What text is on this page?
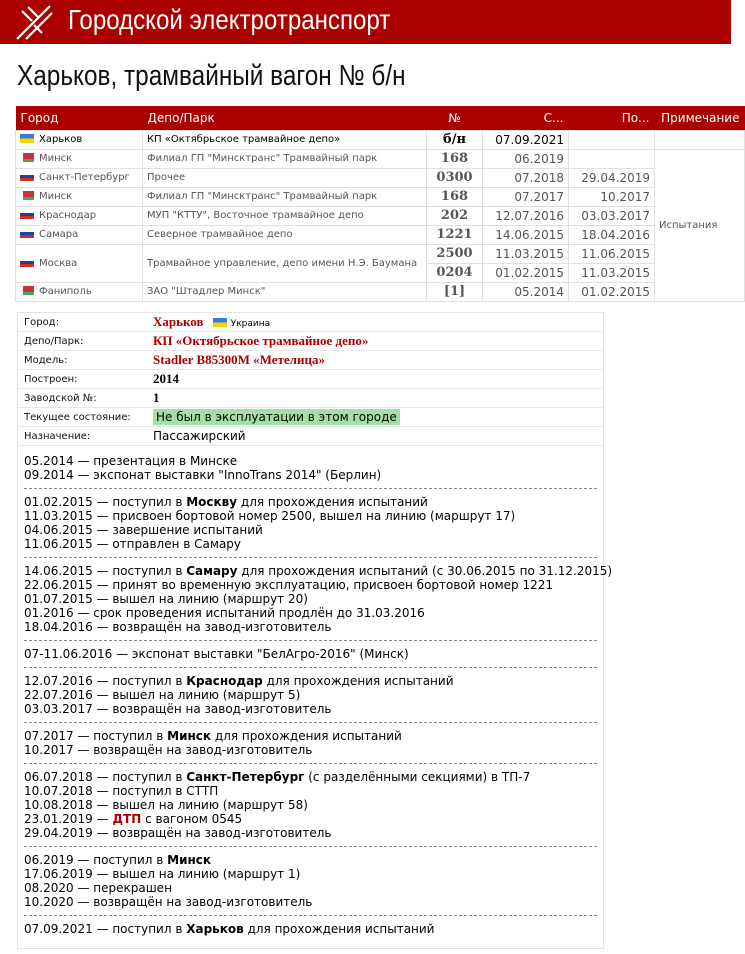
Городской электротранспорт
Харьков, трамвайный вагон № б/н
Город	Депо/Парк	№	С...	По...	Примечание
Харьков	КП «Октябрьское трамвайное депо»	б/н	07.09.2021		
Минск	Филиал ГП "Минсктранс" Трамвайный парк	168	06.2019		Испытания
Санкт-Петербург	Прочее	0300	07.2018	29.04.2019	
Минск	Филиал ГП "Минсктранс" Трамвайный парк	168	07.2017	10.2017	
Краснодар	МУП "КТТУ", Восточное трамвайное депо	202	12.07.2016	03.03.2017	
Самара	Северное трамвайное депо	1221	14.06.2015	18.04.2016	
Москва	Трамвайное управление, депо имени Н.Э. Баумана	2500	11.03.2015	11.06.2015	
		0204	01.02.2015	11.03.2015	
Фаниполь	ЗАО "Штадлер Минск"	[1]	05.2014	01.02.2015	
Город:	Харьков	Украина
Депо/Парк:	КП «Октябрьское трамвайное депо»
Модель:	Stadler B85300M «Метелица»
Построен:	2014
Заводской №:	1
Текущее состояние:	Не был в эксплуатации в этом городе
Назначение:	Пассажирский
05.2014 — презентация в Минске
09.2014 — экспонат выставки "InnoTrans 2014" (Берлин)
01.02.2015 — поступил в Москву для прохождения испытаний
11.03.2015 — присвоен бортовой номер 2500, вышел на линию (маршрут 17)
04.06.2015 — завершение испытаний
11.06.2015 — отправлен в Самару
14.06.2015 — поступил в Самару для прохождения испытаний (с 30.06.2015 по 31.12.2015)
22.06.2015 — принят во временную эксплуатацию, присвоен бортовой номер 1221
01.07.2015 — вышел на линию (маршрут 20)
01.2016 — срок проведения испытаний продлён до 31.03.2016
18.04.2016 — возвращён на завод-изготовитель
07-11.06.2016 — экспонат выставки "БелАгро-2016" (Минск)
12.07.2016 — поступил в Краснодар для прохождения испытаний
22.07.2016 — вышел на линию (маршрут 5)
03.03.2017 — возвращён на завод-изготовитель
07.2017 — поступил в Минск для прохождения испытаний
10.2017 — возвращён на завод-изготовитель
06.07.2018 — поступил в Санкт-Петербург (с разделёнными секциями) в ТП-7
10.07.2018 — поступил в СТТП
10.08.2018 — вышел на линию (маршрут 58)
23.01.2019 — ДТП с вагоном 0545
29.04.2019 — возвращён на завод-изготовитель
06.2019 — поступил в Минск
17.06.2019 — вышел на линию (маршрут 1)
08.2020 — перекрашен
10.2020 — возвращён на завод-изготовитель
07.09.2021 — поступил в Харьков для прохождения испытаний
